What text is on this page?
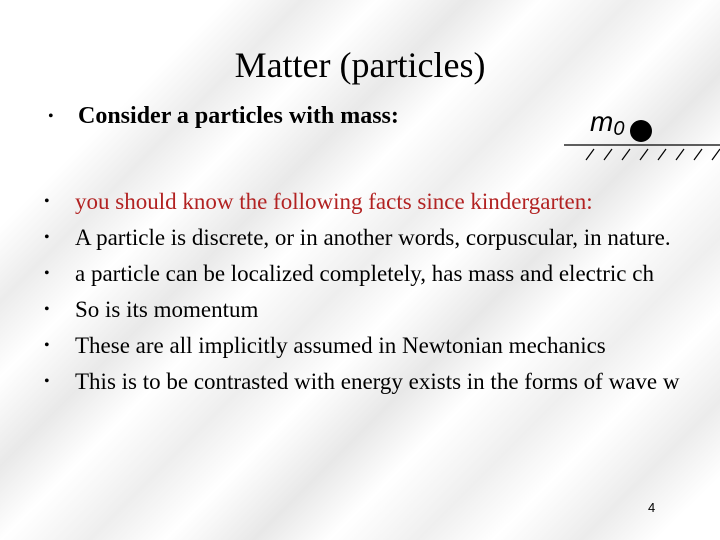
Matter (particles)
• Consider a particles with mass:	$m_0$
• you should know the following facts since kindergarten:
• A particle is discrete, or in another words, corpuscular, in nature.
• a particle can be localized completely, has mass and electric ch
• So is its momentum
• These are all implicitly assumed in Newtonian mechanics
• This is to be contrasted with energy exists in the forms of wave w
4
